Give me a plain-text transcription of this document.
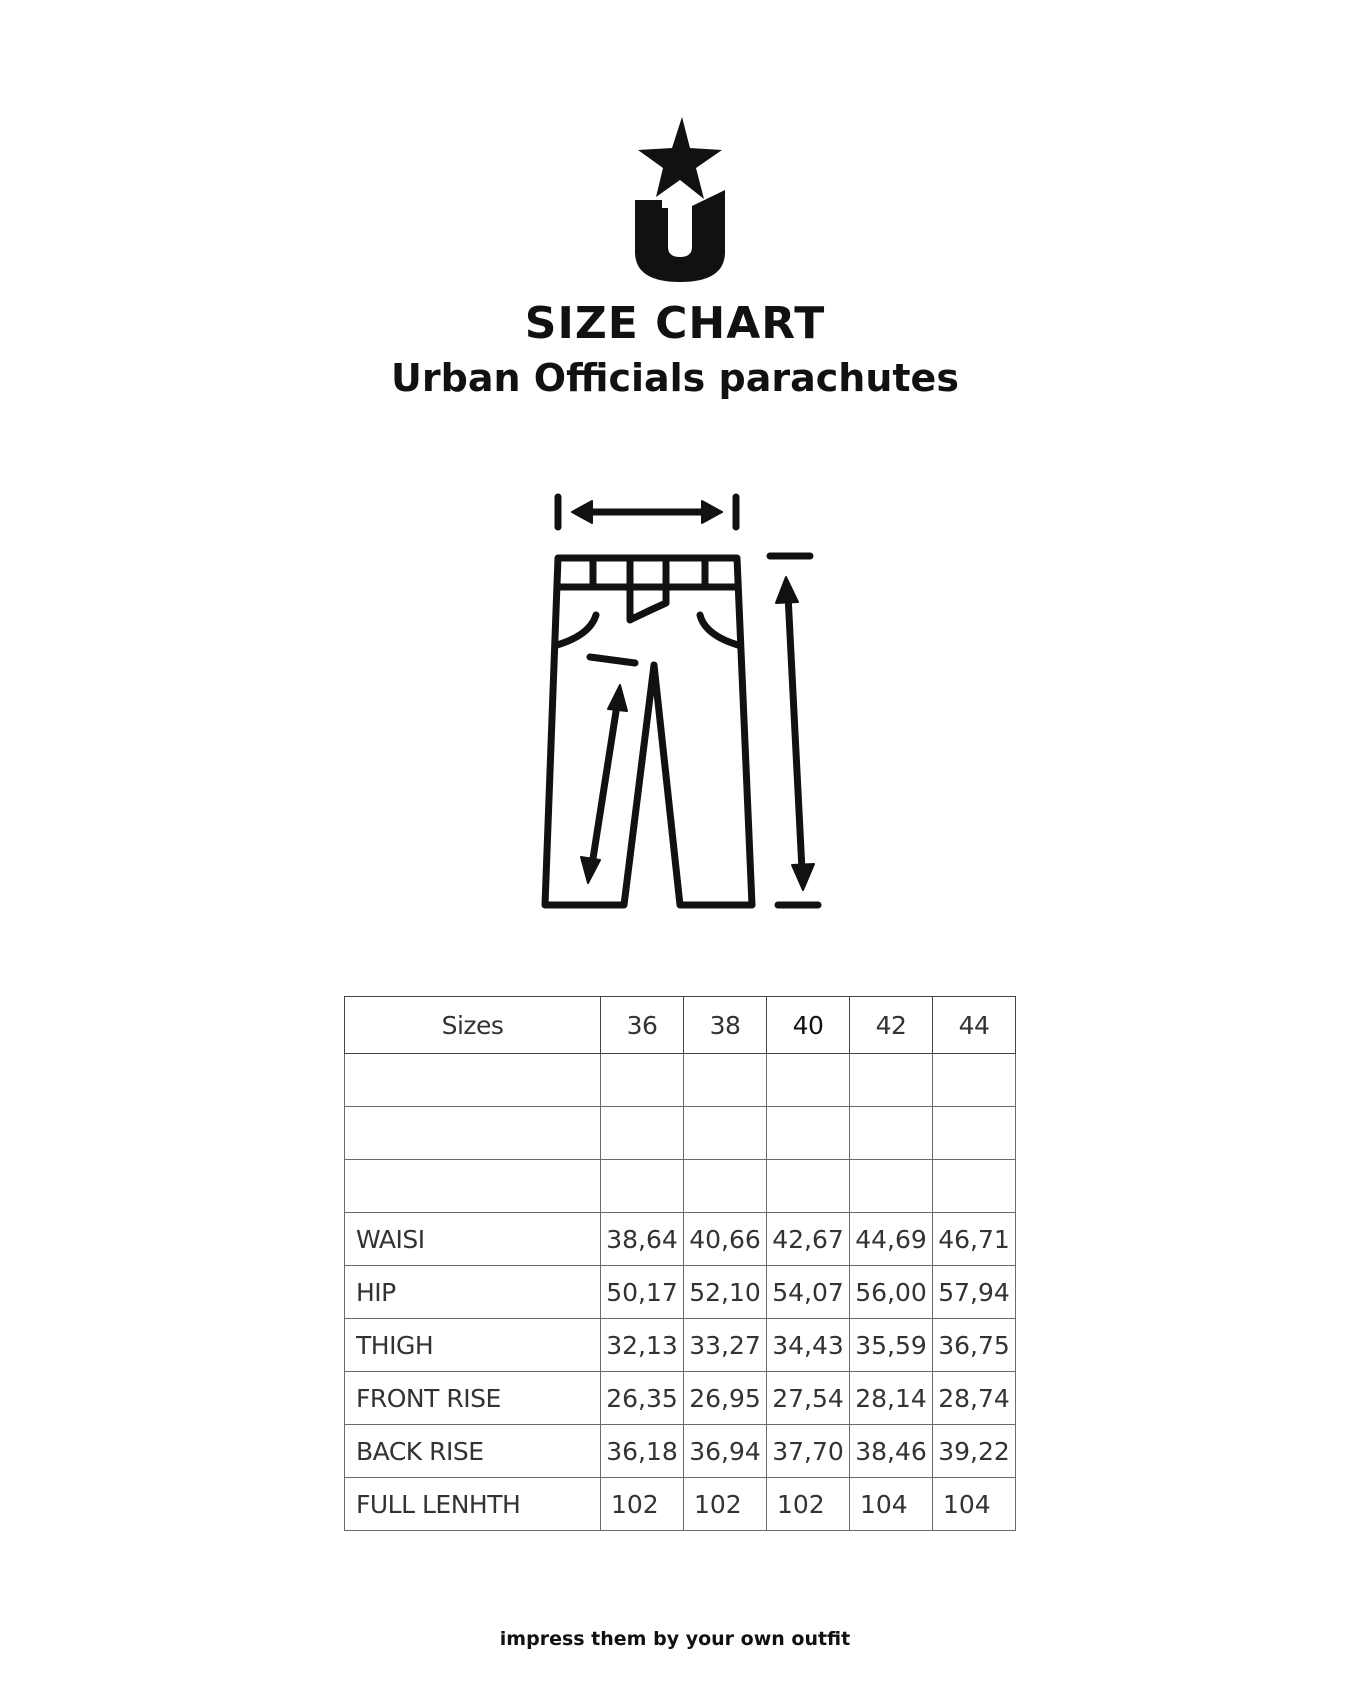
SIZE CHART
Urban Officials parachutes
Sizes	36	38	40	42	44

WAISI	38,64	40,66	42,67	44,69	46,71
HIP	50,17	52,10	54,07	56,00	57,94
THIGH	32,13	33,27	34,43	35,59	36,75
FRONT RISE	26,35	26,95	27,54	28,14	28,74
BACK RISE	36,18	36,94	37,70	38,46	39,22
FULL LENHTH	102	102	102	104	104

impress them by your own outfit
